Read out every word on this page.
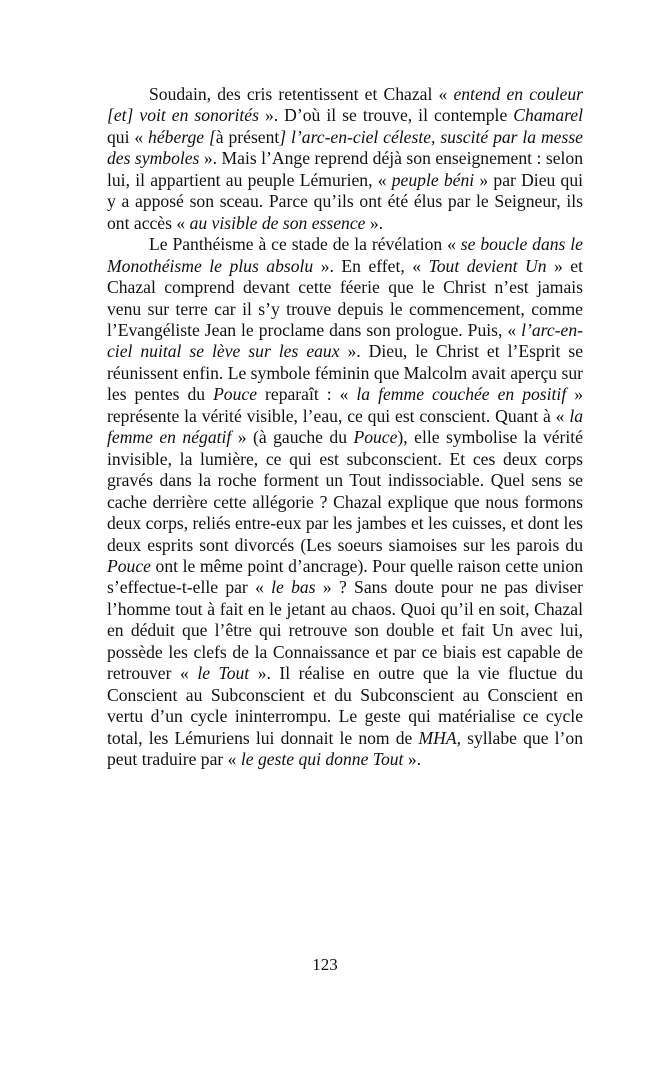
Soudain, des cris retentissent et Chazal « entend en couleur [et] voit en sonorités ». D’où il se trouve, il contemple Chamarel qui « héberge [à présent] l’arc-en-ciel céleste, suscité par la messe des symboles ». Mais l’Ange reprend déjà son enseignement : selon lui, il appartient au peuple Lémurien, « peuple béni » par Dieu qui y a apposé son sceau. Parce qu’ils ont été élus par le Seigneur, ils ont accès « au visible de son essence ».

Le Panthéisme à ce stade de la révélation « se boucle dans le Monothéisme le plus absolu ». En effet, « Tout devient Un » et Chazal comprend devant cette féerie que le Christ n’est jamais venu sur terre car il s’y trouve depuis le commencement, comme l’Evangéliste Jean le proclame dans son prologue. Puis, « l’arc-en-ciel nuital se lève sur les eaux ». Dieu, le Christ et l’Esprit se réunissent enfin. Le symbole féminin que Malcolm avait aperçu sur les pentes du Pouce reparaît : « la femme couchée en positif » représente la vérité visible, l’eau, ce qui est conscient. Quant à « la femme en négatif » (à gauche du Pouce), elle symbolise la vérité invisible, la lumière, ce qui est subconscient. Et ces deux corps gravés dans la roche forment un Tout indissociable. Quel sens se cache derrière cette allégorie ? Chazal explique que nous formons deux corps, reliés entre-eux par les jambes et les cuisses, et dont les deux esprits sont divorcés (Les soeurs siamoises sur les parois du Pouce ont le même point d’ancrage). Pour quelle raison cette union s’effectue-t-elle par « le bas » ? Sans doute pour ne pas diviser l’homme tout à fait en le jetant au chaos. Quoi qu’il en soit, Chazal en déduit que l’être qui retrouve son double et fait Un avec lui, possède les clefs de la Connaissance et par ce biais est capable de retrouver « le Tout ». Il réalise en outre que la vie fluctue du Conscient au Subconscient et du Subconscient au Conscient en vertu d’un cycle ininterrompu. Le geste qui matérialise ce cycle total, les Lémuriens lui donnait le nom de MHA, syllabe que l’on peut traduire par « le geste qui donne Tout ».

123
